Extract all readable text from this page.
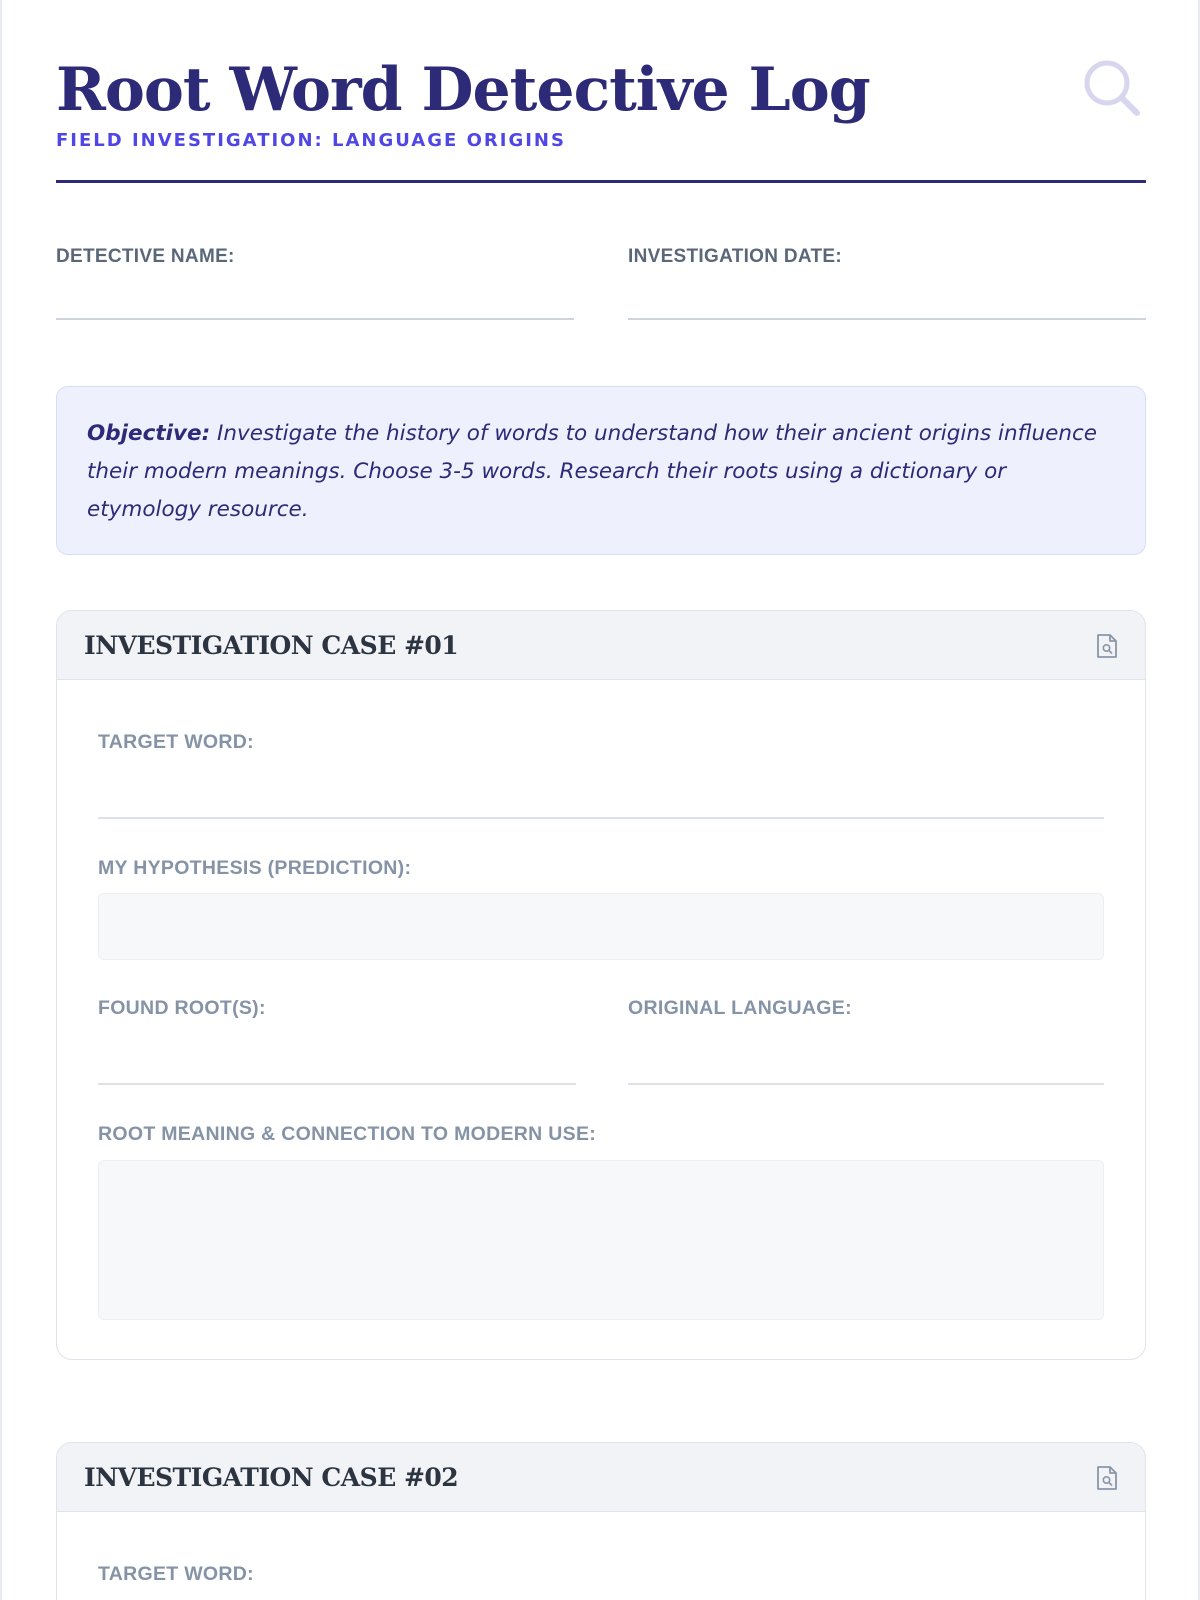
Root Word Detective Log
FIELD INVESTIGATION: LANGUAGE ORIGINS
DETECTIVE NAME:	INVESTIGATION DATE:
Objective: Investigate the history of words to understand how their ancient origins influence their modern meanings. Choose 3-5 words. Research their roots using a dictionary or etymology resource.
INVESTIGATION CASE #01
TARGET WORD:
MY HYPOTHESIS (PREDICTION):
FOUND ROOT(S):	ORIGINAL LANGUAGE:
ROOT MEANING & CONNECTION TO MODERN USE:
INVESTIGATION CASE #02
TARGET WORD:
